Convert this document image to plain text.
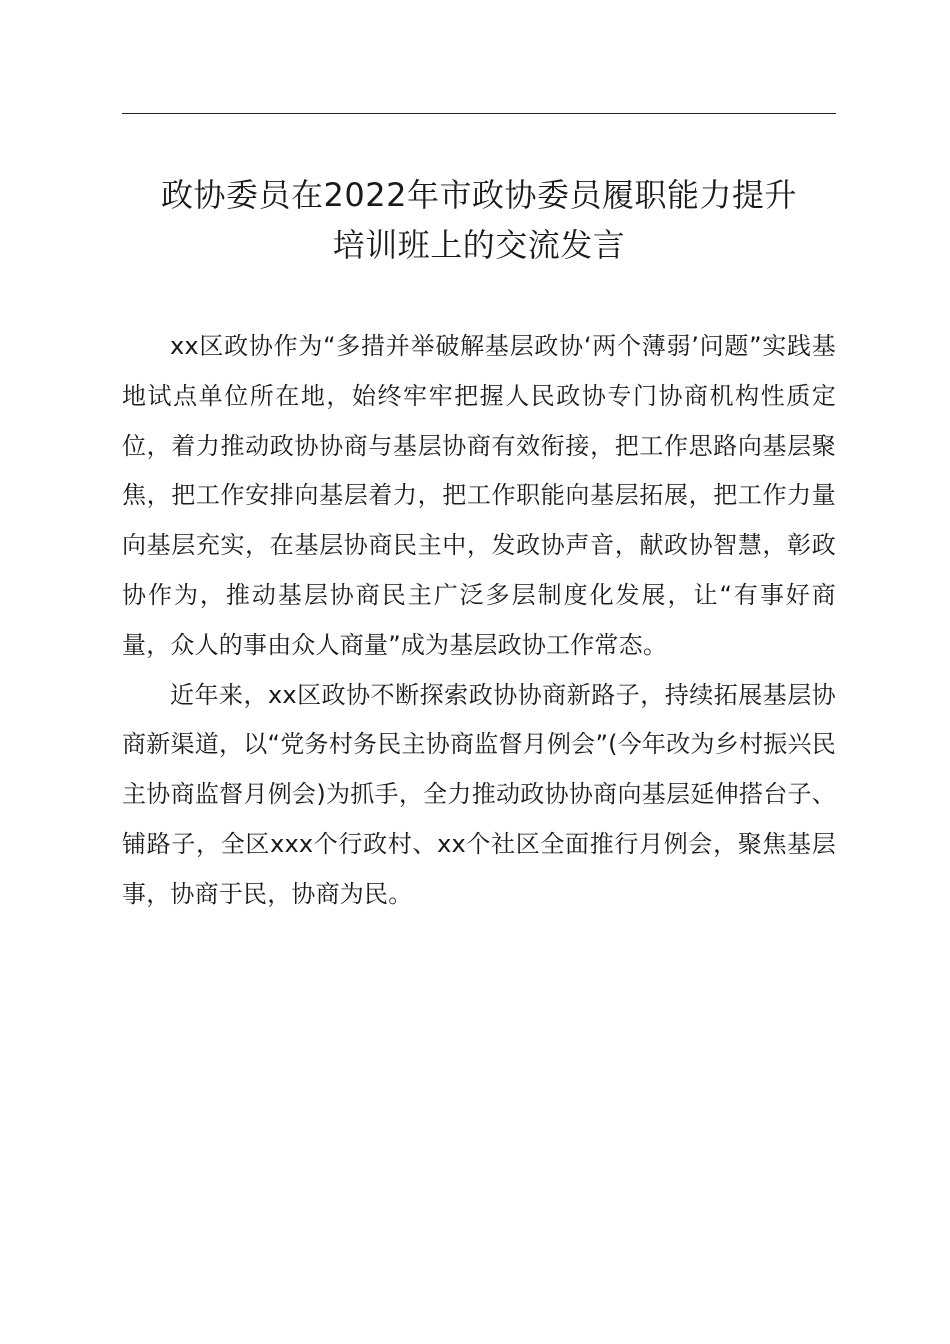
政协委员在2022年市政协委员履职能力提升
培训班上的交流发言

xx区政协作为“多措并举破解基层政协‘两个薄弱’问题”实践基地试点单位所在地，始终牢牢把握人民政协专门协商机构性质定位，着力推动政协协商与基层协商有效衔接，把工作思路向基层聚焦，把工作安排向基层着力，把工作职能向基层拓展，把工作力量向基层充实，在基层协商民主中，发政协声音，献政协智慧，彰政协作为，推动基层协商民主广泛多层制度化发展，让“有事好商量，众人的事由众人商量”成为基层政协工作常态。

近年来，xx区政协不断探索政协协商新路子，持续拓展基层协商新渠道，以“党务村务民主协商监督月例会”(今年改为乡村振兴民主协商监督月例会)为抓手，全力推动政协协商向基层延伸搭台子、铺路子，全区xxx个行政村、xx个社区全面推行月例会，聚焦基层事，协商于民，协商为民。
